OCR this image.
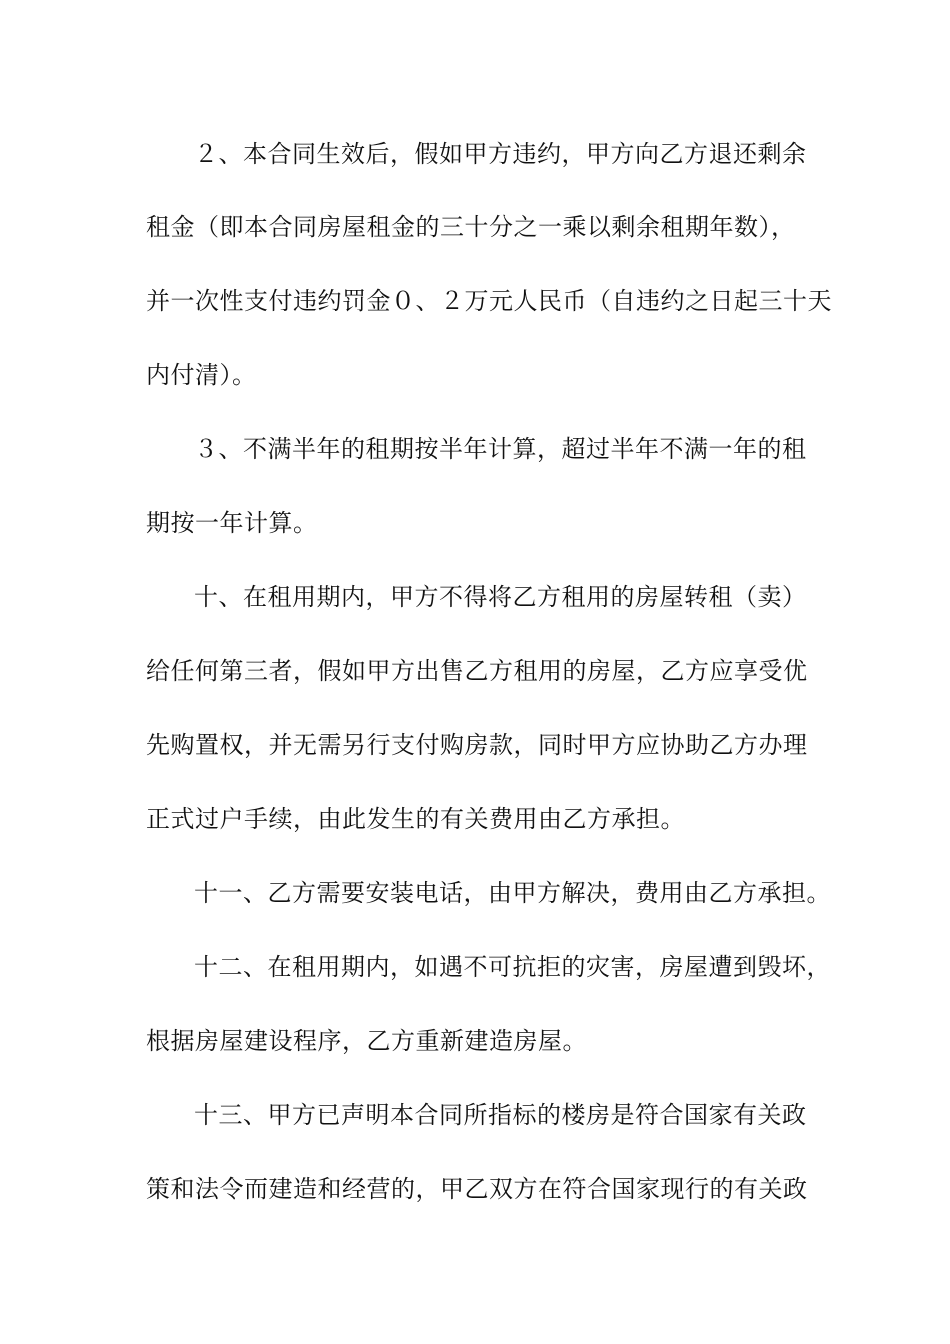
２、本合同生效后，假如甲方违约，甲方向乙方退还剩余
租金（即本合同房屋租金的三十分之一乘以剩余租期年数），
并一次性支付违约罚金０、２万元人民币（自违约之日起三十天
内付清）。
３、不满半年的租期按半年计算，超过半年不满一年的租
期按一年计算。
十、在租用期内，甲方不得将乙方租用的房屋转租（卖）
给任何第三者，假如甲方出售乙方租用的房屋，乙方应享受优
先购置权，并无需另行支付购房款，同时甲方应协助乙方办理
正式过户手续，由此发生的有关费用由乙方承担。
十一、乙方需要安装电话，由甲方解决，费用由乙方承担。
十二、在租用期内，如遇不可抗拒的灾害，房屋遭到毁坏，
根据房屋建设程序，乙方重新建造房屋。
十三、甲方已声明本合同所指标的楼房是符合国家有关政
策和法令而建造和经营的，甲乙双方在符合国家现行的有关政
